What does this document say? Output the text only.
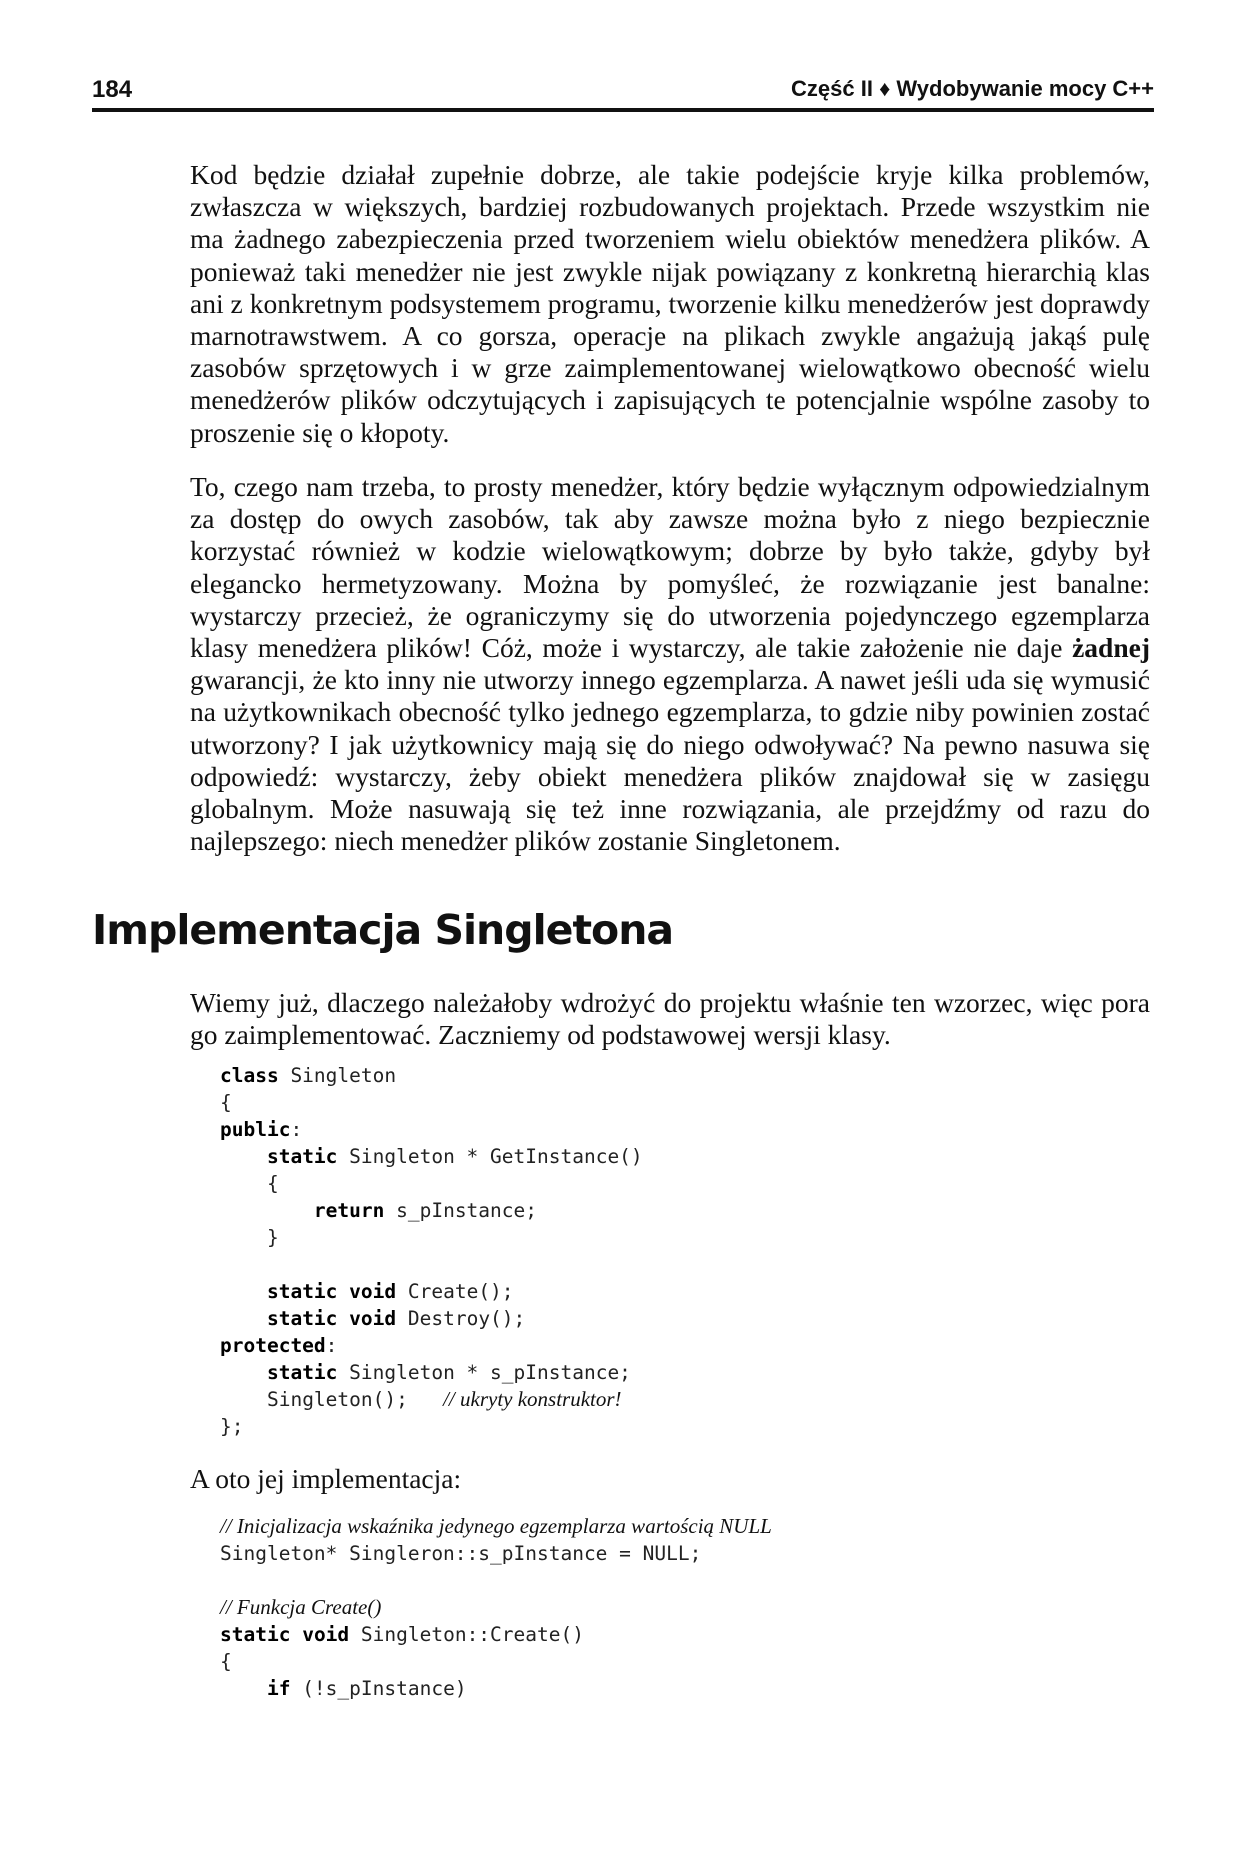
184	Część II ♦ Wydobywanie mocy C++

Kod będzie działał zupełnie dobrze, ale takie podejście kryje kilka problemów, zwłaszcza w większych, bardziej rozbudowanych projektach. Przede wszystkim nie ma żadnego zabezpieczenia przed tworzeniem wielu obiektów menedżera plików. A ponieważ taki menedżer nie jest zwykle nijak powiązany z konkretną hierarchią klas ani z konkretnym podsystemem programu, tworzenie kilku menedżerów jest doprawdy marnotrawstwem. A co gorsza, operacje na plikach zwykle angażują jakąś pulę zasobów sprzętowych i w grze zaimplementowanej wielowątkowo obecność wielu menedżerów plików odczytujących i zapisujących te potencjalnie wspólne zasoby to proszenie się o kłopoty.

To, czego nam trzeba, to prosty menedżer, który będzie wyłącznym odpowiedzialnym za dostęp do owych zasobów, tak aby zawsze można było z niego bezpiecznie korzystać również w kodzie wielowątkowym; dobrze by było także, gdyby był elegancko hermetyzowany. Można by pomyśleć, że rozwiązanie jest banalne: wystarczy przecież, że ograniczymy się do utworzenia pojedynczego egzemplarza klasy menedżera plików! Cóż, może i wystarczy, ale takie założenie nie daje żadnej gwarancji, że kto inny nie utworzy innego egzemplarza. A nawet jeśli uda się wymusić na użytkownikach obecność tylko jednego egzemplarza, to gdzie niby powinien zostać utworzony? I jak użytkownicy mają się do niego odwoływać? Na pewno nasuwa się odpowiedź: wystarczy, żeby obiekt menedżera plików znajdował się w zasięgu globalnym. Może nasuwają się też inne rozwiązania, ale przejdźmy od razu do najlepszego: niech menedżer plików zostanie Singletonem.

Implementacja Singletona

Wiemy już, dlaczego należałoby wdrożyć do projektu właśnie ten wzorzec, więc pora go zaimplementować. Zaczniemy od podstawowej wersji klasy.

class Singleton
{
public:
static Singleton * GetInstance()
{
return s_pInstance;
}

static void Create();
static void Destroy();
protected:
static Singleton * s_pInstance;
Singleton(); // ukryty konstruktor!
};

A oto jej implementacja:

// Inicjalizacja wskaźnika jedynego egzemplarza wartością NULL
Singleton* Singleron::s_pInstance = NULL;

// Funkcja Create()
static void Singleton::Create()
{
if (!s_pInstance)
